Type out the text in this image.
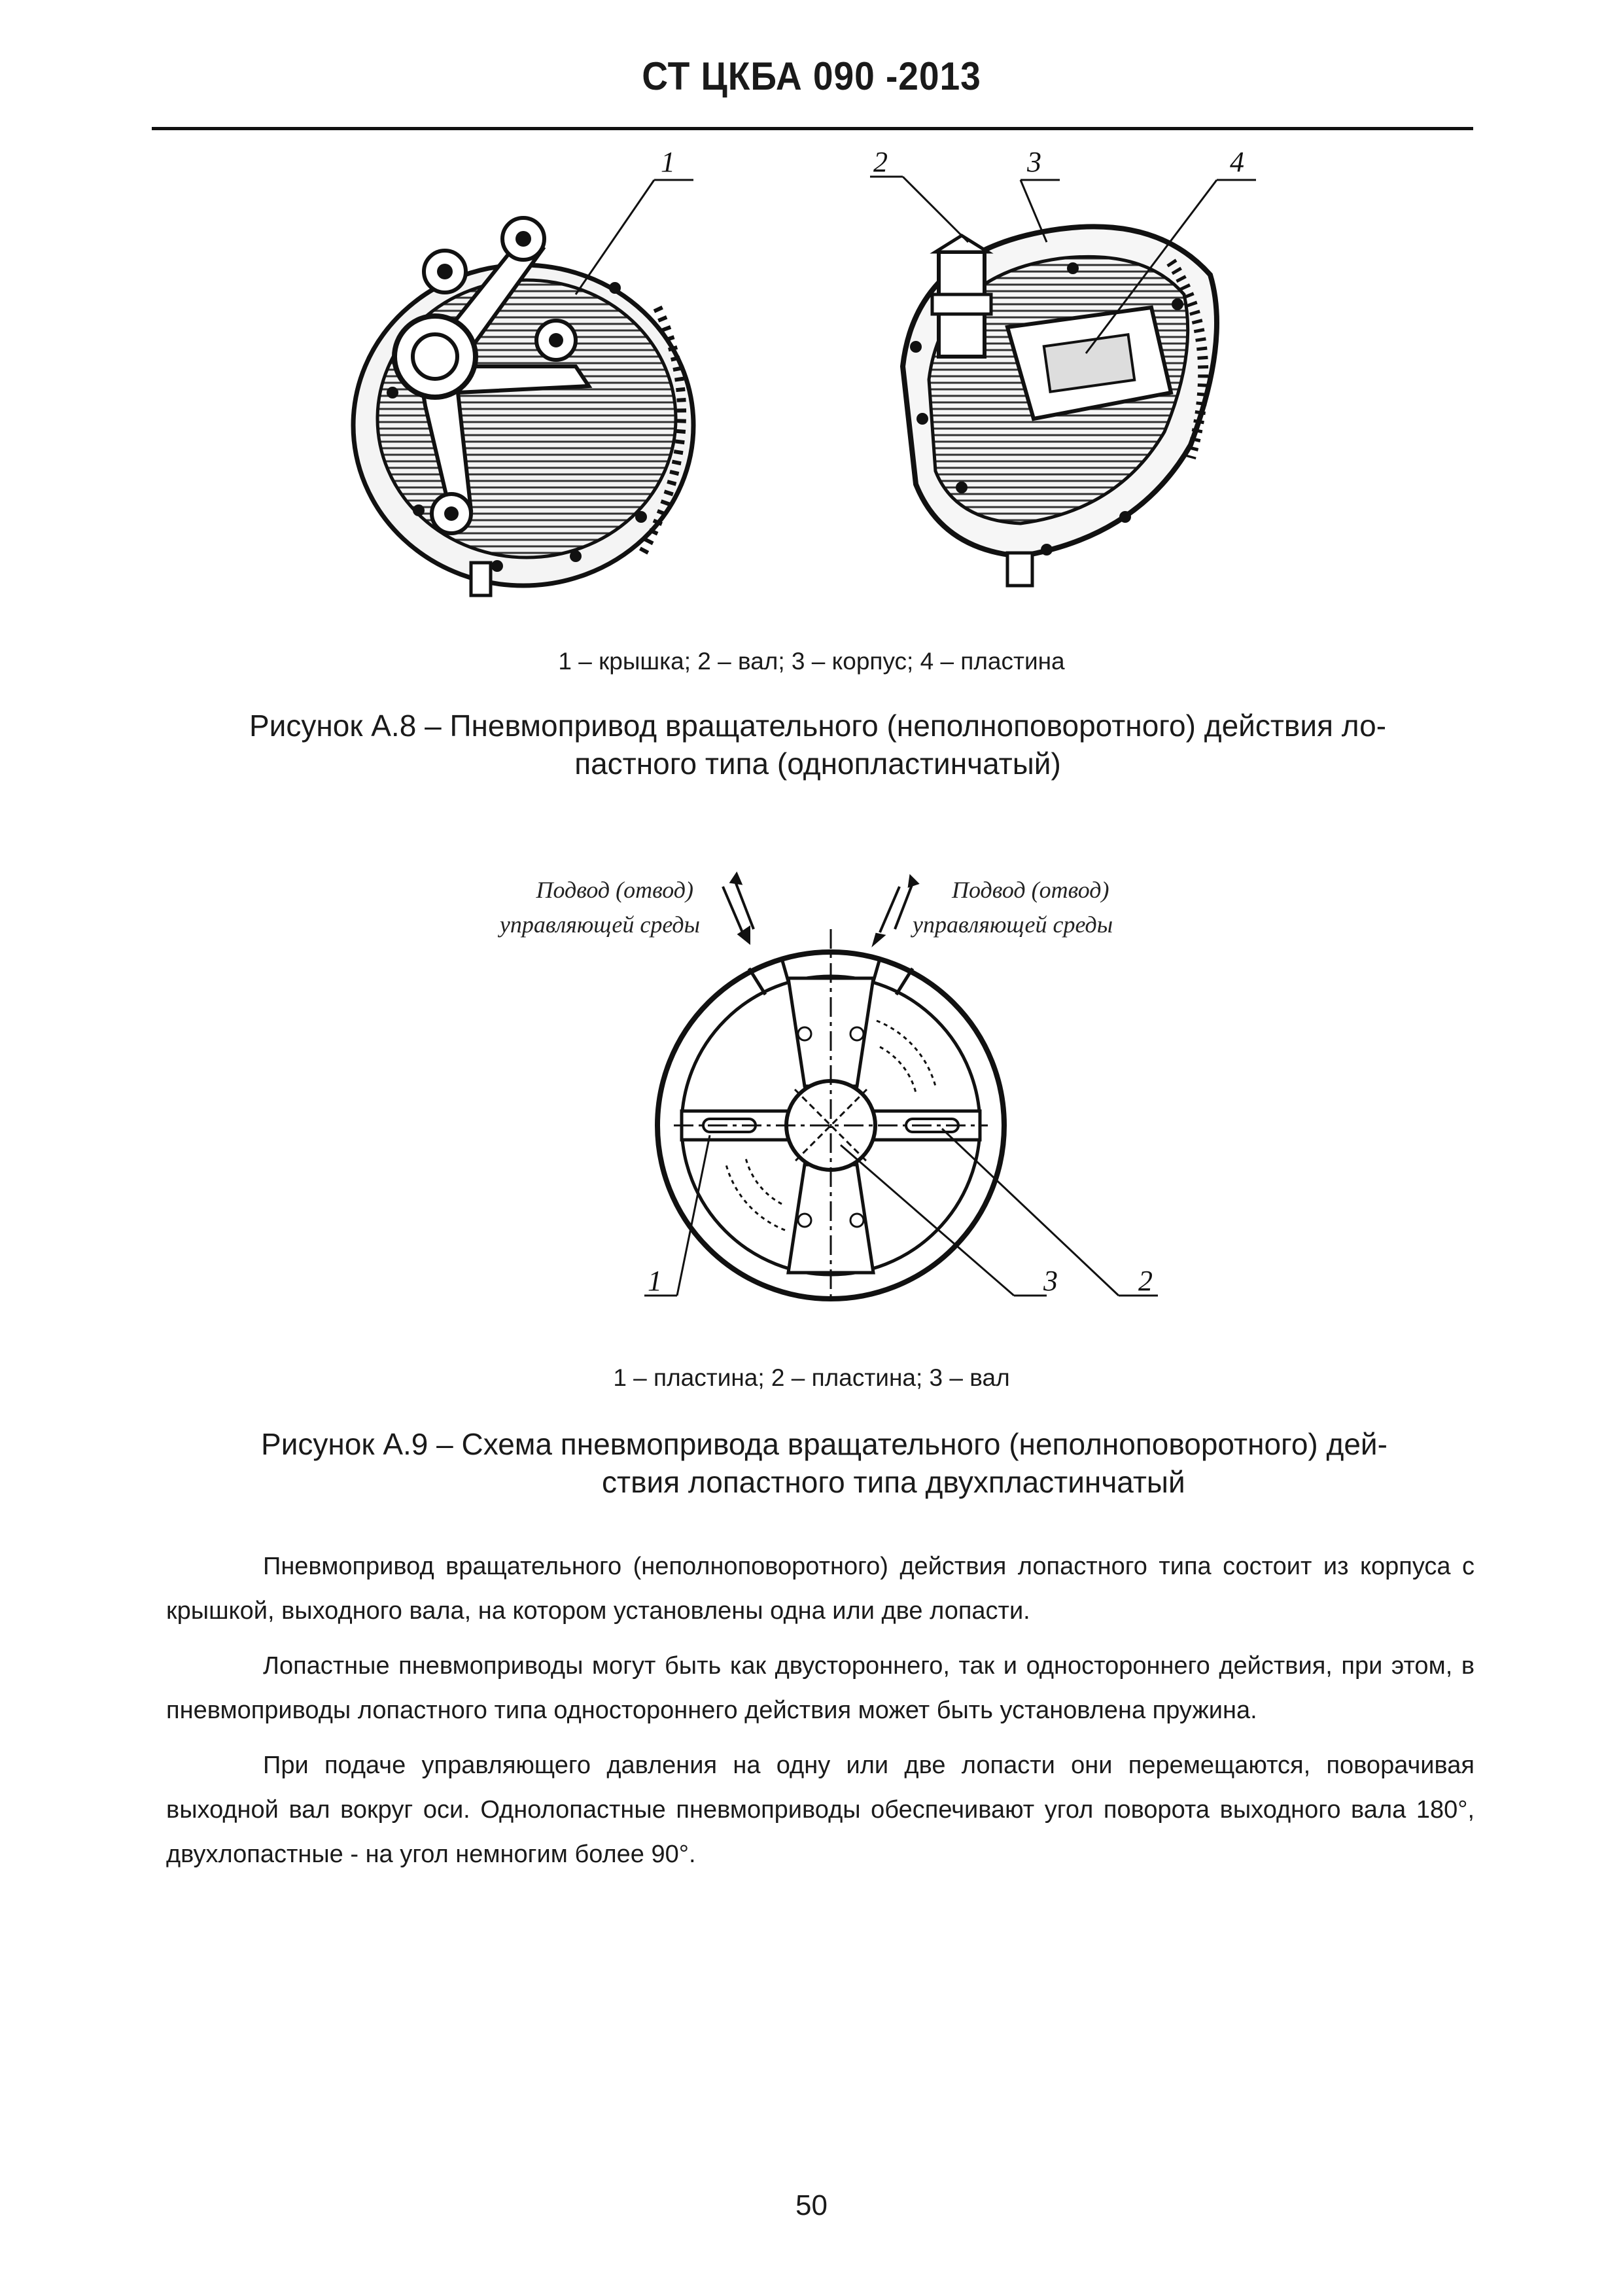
СТ ЦКБА 090 -2013
1	2	3	4
Подвод (отвод)
управляющей среды
Подвод (отвод)
управляющей среды
1	3	2
1 – крышка; 2 – вал; 3 – корпус; 4 – пластина
Рисунок А.8 – Пневмопривод вращательного (неполноповоротного) действия ло-
пастного типа (однопластинчатый)
1 – пластина; 2 – пластина; 3 – вал
Рисунок А.9 – Схема пневмопривода вращательного (неполноповоротного) дей-
ствия лопастного типа двухпластинчатый

Пневмопривод вращательного (неполноповоротного) действия лопастного типа состоит из корпуса с крышкой, выходного вала, на котором установлены одна или две лопасти.

Лопастные пневмоприводы могут быть как двустороннего, так и одностороннего действия, при этом, в пневмоприводы лопастного типа одностороннего действия может быть установлена пружина.

При подаче управляющего давления на одну или две лопасти они перемещаются, поворачивая выходной вал вокруг оси. Однолопастные пневмоприводы обеспечивают угол поворота выходного вала 180°, двухлопастные - на угол немногим более 90°.

50
